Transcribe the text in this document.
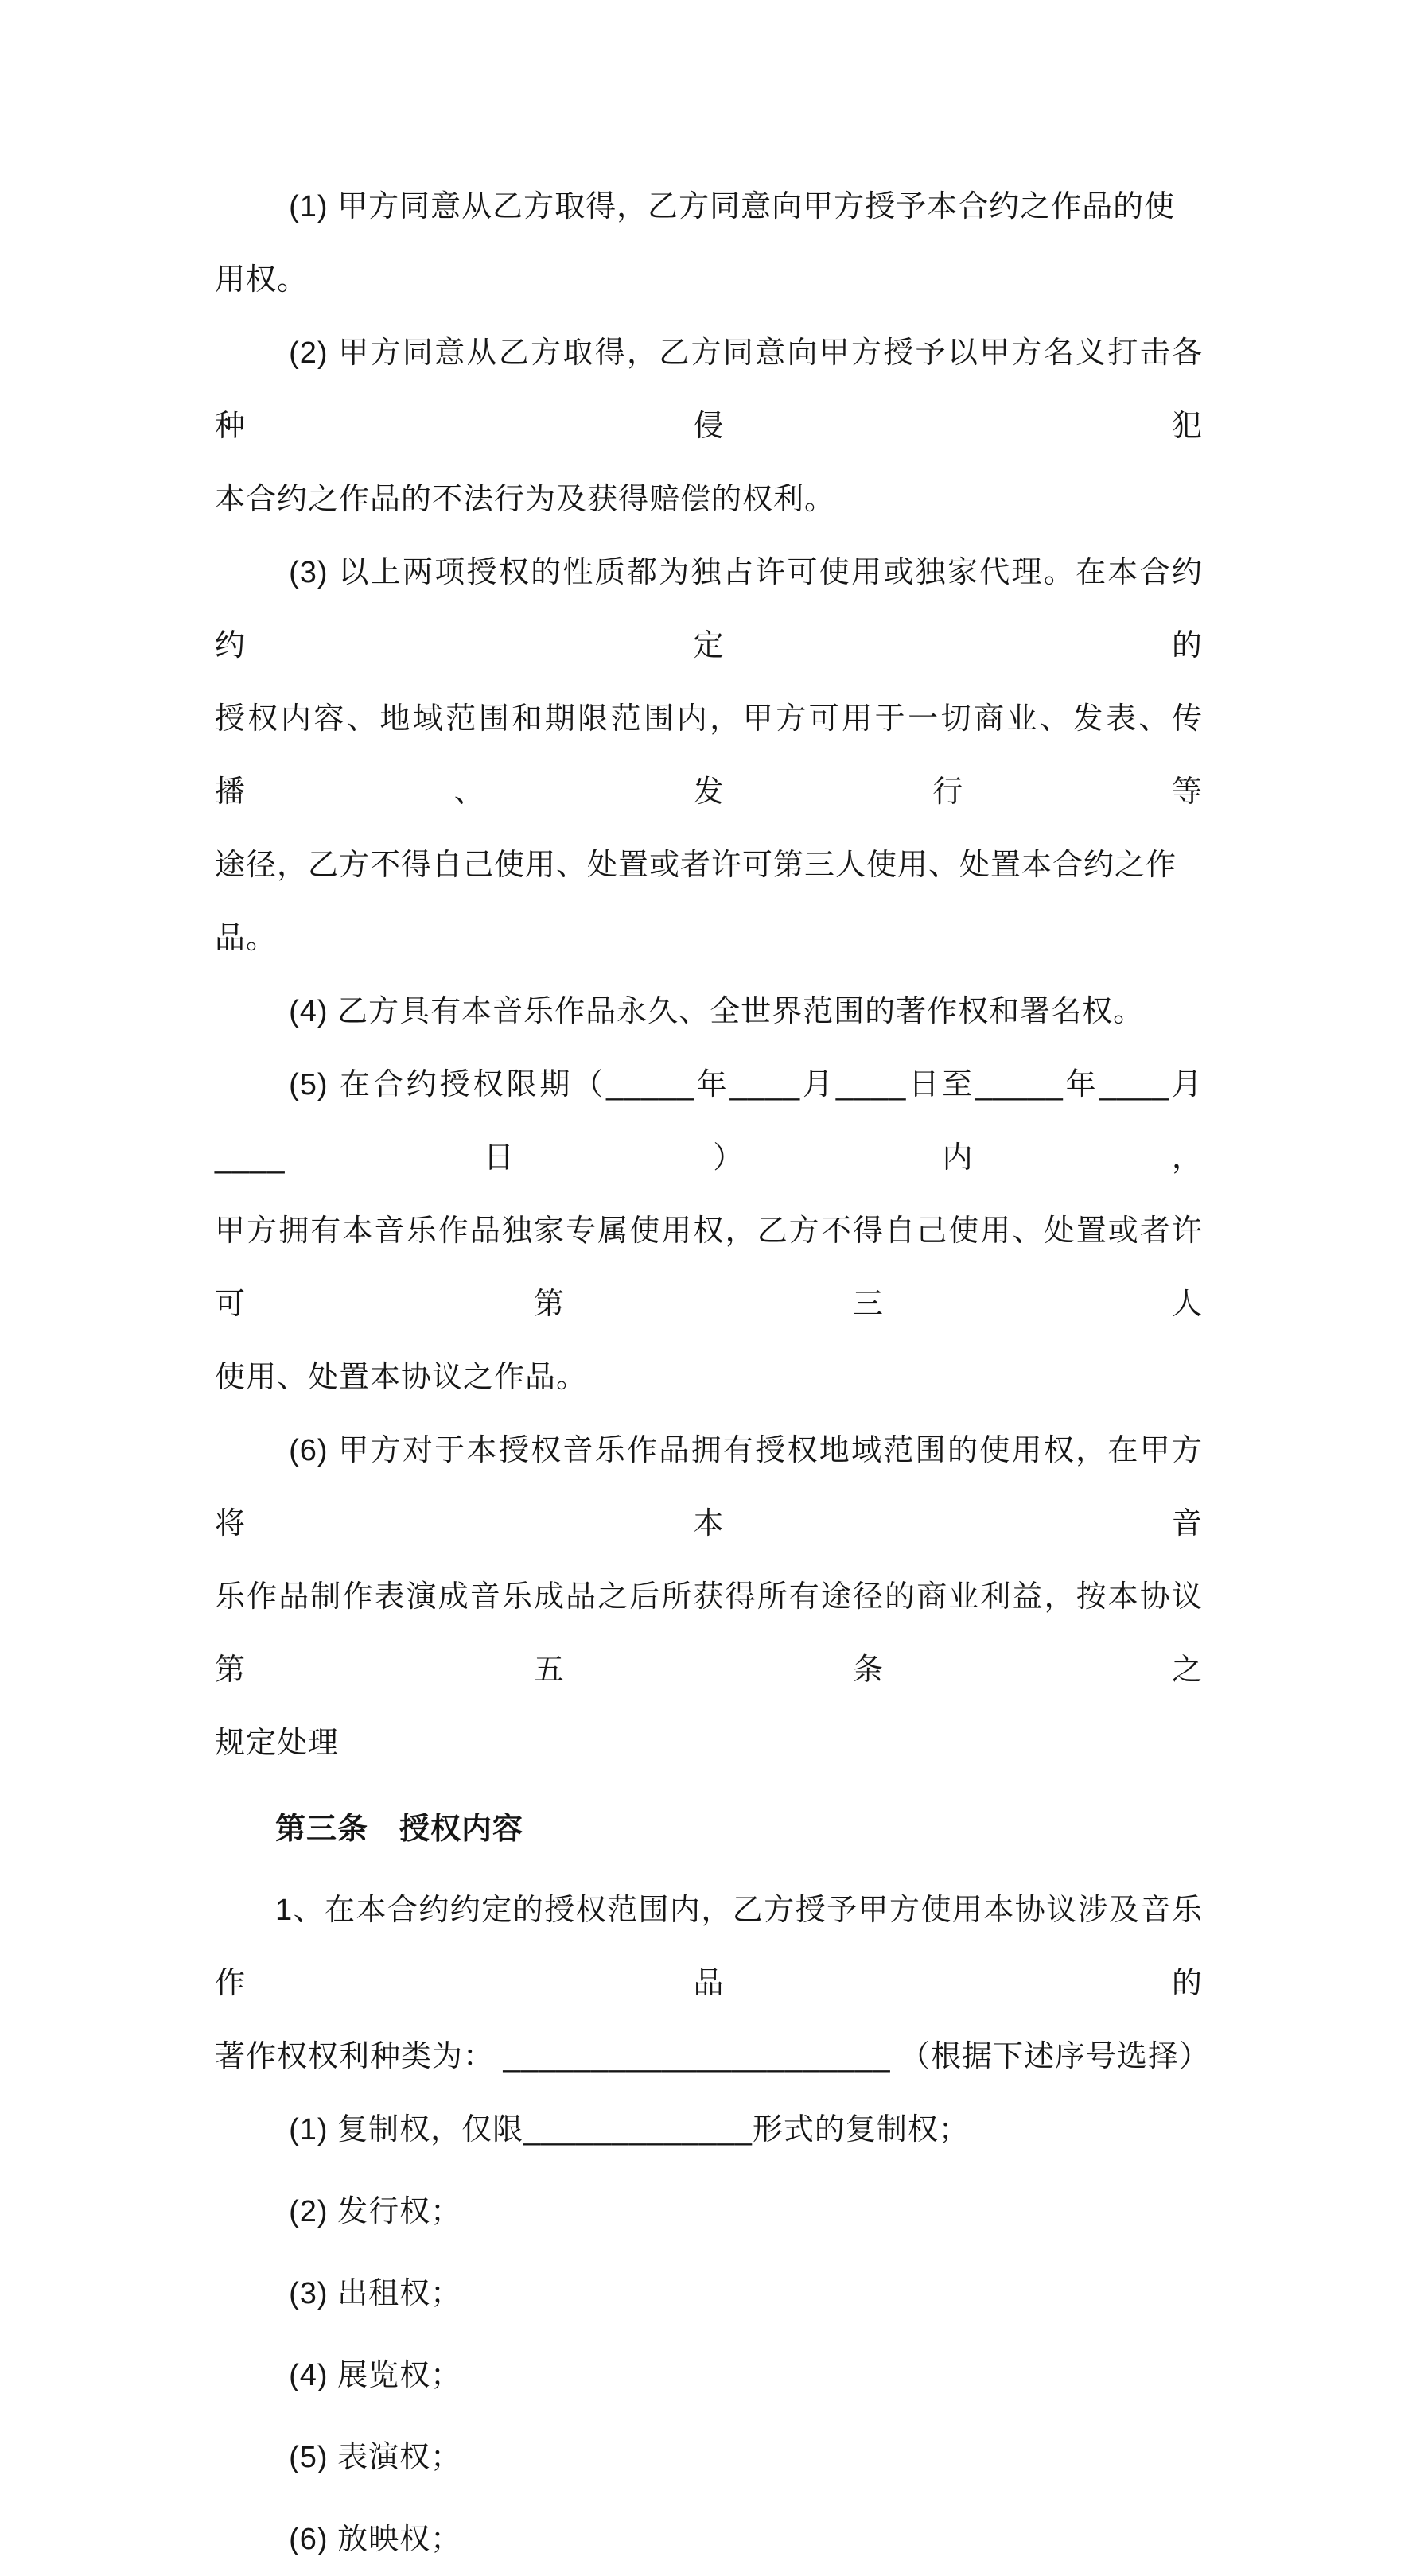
(1) 甲方同意从乙方取得，乙方同意向甲方授予本合约之作品的使用权。
(2) 甲方同意从乙方取得，乙方同意向甲方授予以甲方名义打击各种侵犯
本合约之作品的不法行为及获得赔偿的权利。
(3) 以上两项授权的性质都为独占许可使用或独家代理。在本合约约定的
授权内容、地域范围和期限范围内，甲方可用于一切商业、发表、传播、发行等
途径，乙方不得自己使用、处置或者许可第三人使用、处置本合约之作品。
(4) 乙方具有本音乐作品永久、全世界范围的著作权和署名权。
(5) 在合约授权限期（_____年____月____日至_____年____月____日）内，
甲方拥有本音乐作品独家专属使用权，乙方不得自己使用、处置或者许可第三人
使用、处置本协议之作品。
(6) 甲方对于本授权音乐作品拥有授权地域范围的使用权，在甲方将本音
乐作品制作表演成音乐成品之后所获得所有途径的商业利益，按本协议第五条之
规定处理
第三条　授权内容
1、在本合约约定的授权范围内，乙方授予甲方使用本协议涉及音乐作品的
著作权权利种类为： ______________________ （根据下述序号选择）
(1) 复制权，仅限_____________形式的复制权；
(2) 发行权；
(3) 出租权；
(4) 展览权；
(5) 表演权；
(6) 放映权；
